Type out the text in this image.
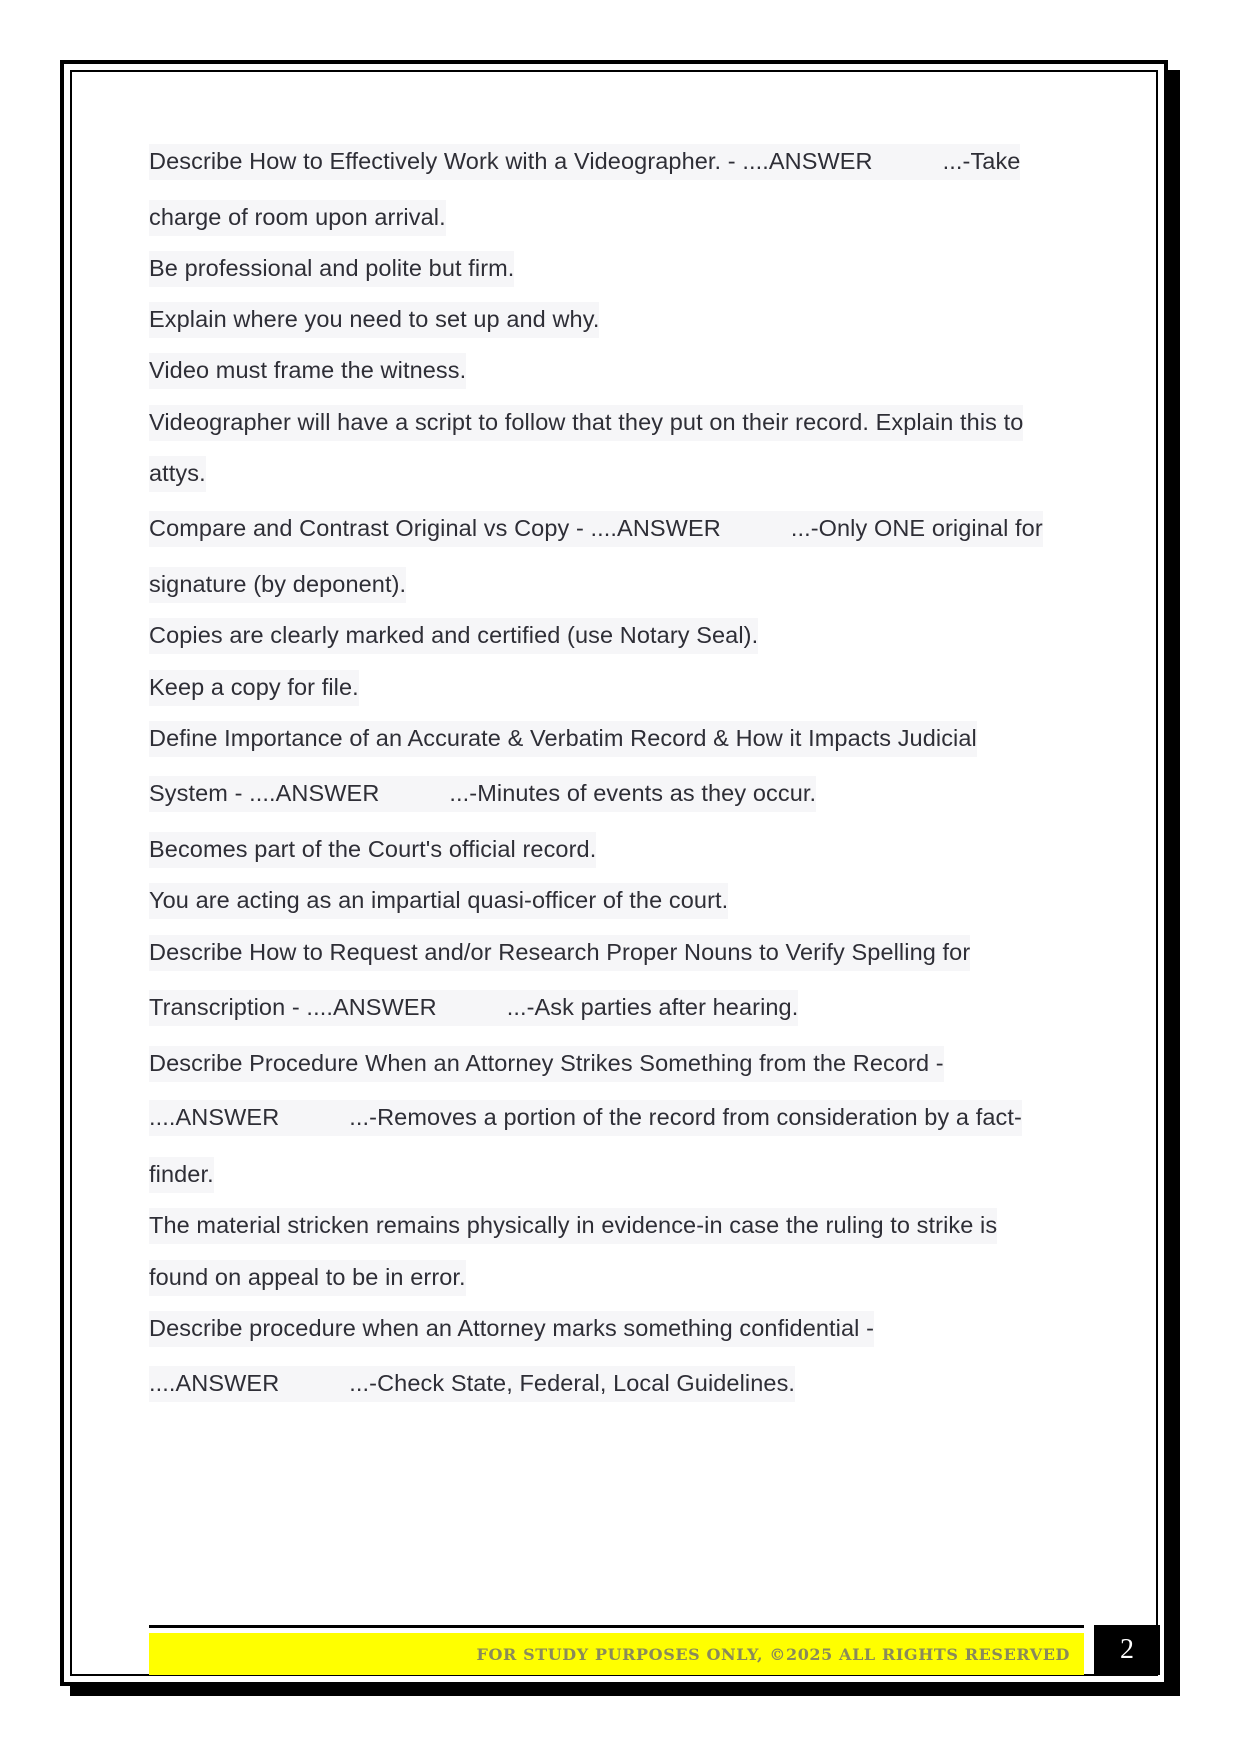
Describe How to Effectively Work with a Videographer. - ....ANSWER	...-Take
charge of room upon arrival.
Be professional and polite but firm.
Explain where you need to set up and why.
Video must frame the witness.
Videographer will have a script to follow that they put on their record. Explain this to
attys.
Compare and Contrast Original vs Copy - ....ANSWER	...-Only ONE original for
signature (by deponent).
Copies are clearly marked and certified (use Notary Seal).
Keep a copy for file.
Define Importance of an Accurate & Verbatim Record & How it Impacts Judicial
System - ....ANSWER	...-Minutes of events as they occur.
Becomes part of the Court's official record.
You are acting as an impartial quasi-officer of the court.
Describe How to Request and/or Research Proper Nouns to Verify Spelling for
Transcription - ....ANSWER	...-Ask parties after hearing.
Describe Procedure When an Attorney Strikes Something from the Record -
....ANSWER	...-Removes a portion of the record from consideration by a fact-
finder.
The material stricken remains physically in evidence-in case the ruling to strike is
found on appeal to be in error.
Describe procedure when an Attorney marks something confidential -
....ANSWER	...-Check State, Federal, Local Guidelines.
FOR STUDY PURPOSES ONLY, ©2025 ALL RIGHTS RESERVED	2
